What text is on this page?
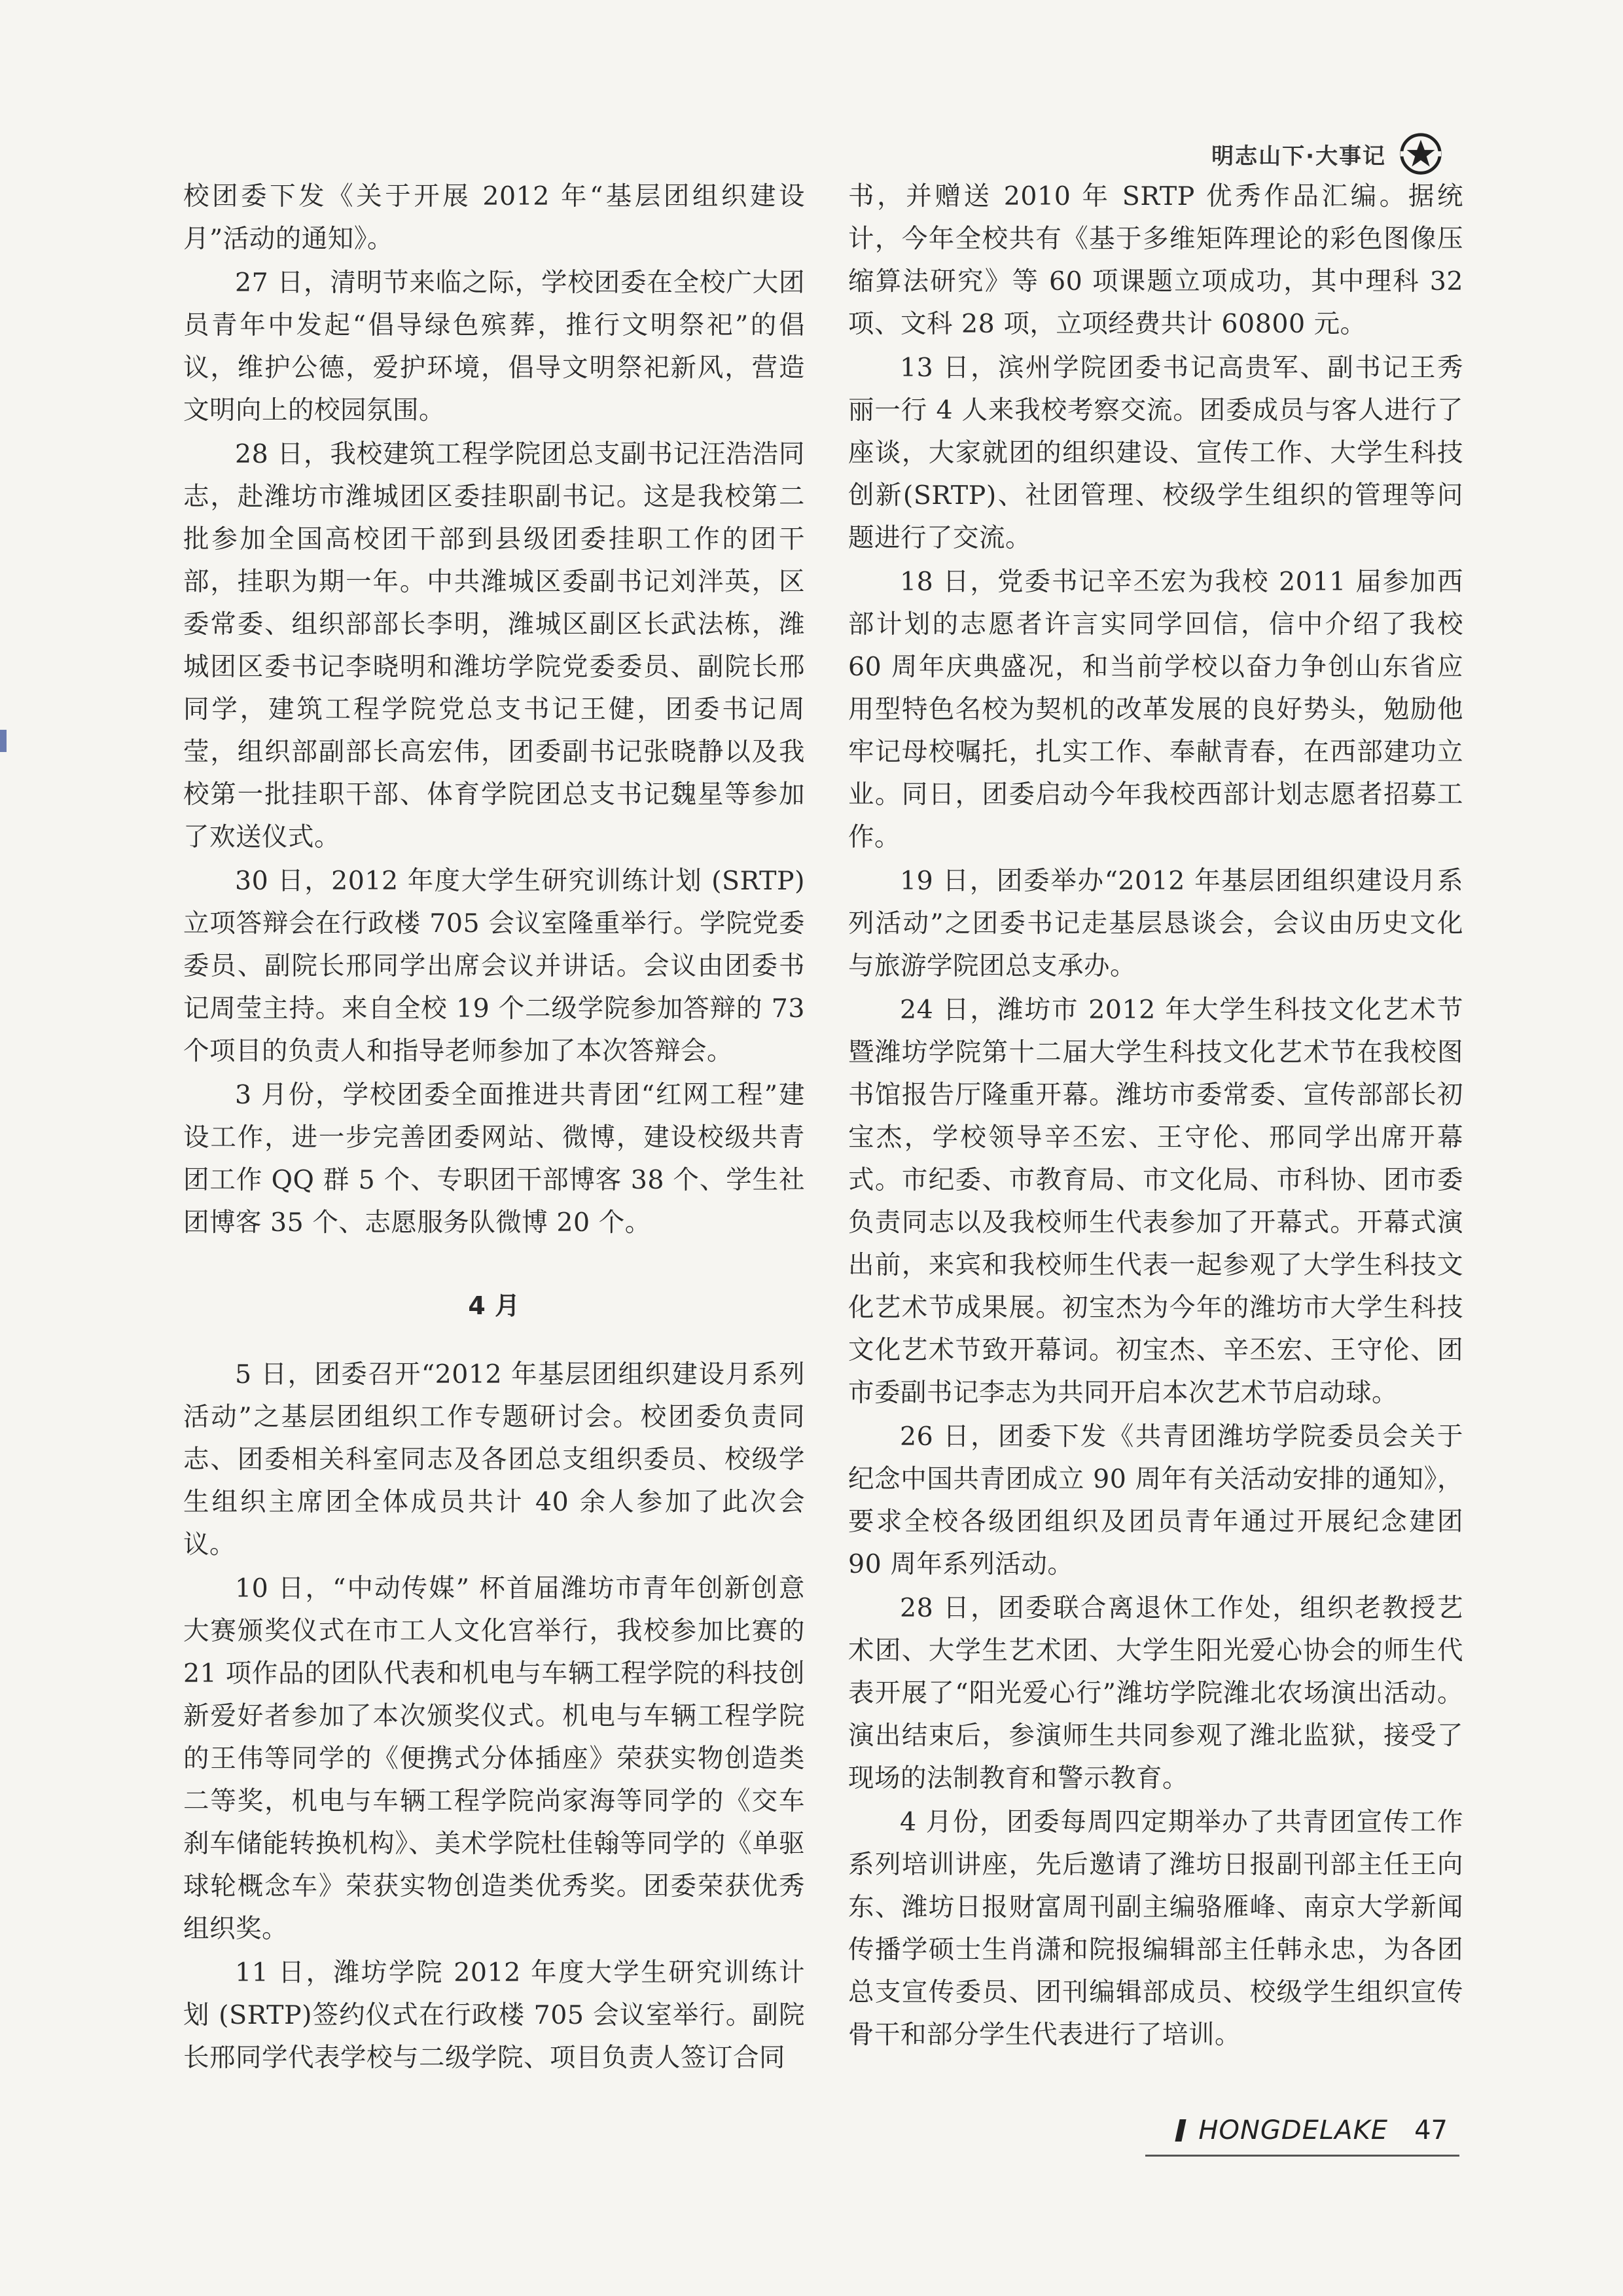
明志山下·大事记

校团委下发《关于开展 2012 年“基层团组织建设月”活动的通知》。

27 日，清明节来临之际，学校团委在全校广大团员青年中发起“倡导绿色殡葬，推行文明祭祀”的倡议，维护公德，爱护环境，倡导文明祭祀新风，营造文明向上的校园氛围。

28 日，我校建筑工程学院团总支副书记汪浩浩同志，赴潍坊市潍城团区委挂职副书记。这是我校第二批参加全国高校团干部到县级团委挂职工作的团干部，挂职为期一年。中共潍城区委副书记刘泮英，区委常委、组织部部长李明，潍城区副区长武法栋，潍城团区委书记李晓明和潍坊学院党委委员、副院长邢同学，建筑工程学院党总支书记王健，团委书记周莹，组织部副部长高宏伟，团委副书记张晓静以及我校第一批挂职干部、体育学院团总支书记魏星等参加了欢送仪式。

30 日，2012 年度大学生研究训练计划 (SRTP)立项答辩会在行政楼 705 会议室隆重举行。学院党委委员、副院长邢同学出席会议并讲话。会议由团委书记周莹主持。来自全校 19 个二级学院参加答辩的 73 个项目的负责人和指导老师参加了本次答辩会。

3 月份，学校团委全面推进共青团“红网工程”建设工作，进一步完善团委网站、微博，建设校级共青团工作 QQ 群 5 个、专职团干部博客 38 个、学生社团博客 35 个、志愿服务队微博 20 个。

4 月

5 日，团委召开“2012 年基层团组织建设月系列活动”之基层团组织工作专题研讨会。校团委负责同志、团委相关科室同志及各团总支组织委员、校级学生组织主席团全体成员共计 40 余人参加了此次会议。

10 日，“中动传媒” 杯首届潍坊市青年创新创意大赛颁奖仪式在市工人文化宫举行，我校参加比赛的 21 项作品的团队代表和机电与车辆工程学院的科技创新爱好者参加了本次颁奖仪式。机电与车辆工程学院的王伟等同学的《便携式分体插座》荣获实物创造类二等奖，机电与车辆工程学院尚家海等同学的《交车刹车储能转换机构》、美术学院杜佳翰等同学的《单驱球轮概念车》荣获实物创造类优秀奖。团委荣获优秀组织奖。

11 日，潍坊学院 2012 年度大学生研究训练计划 (SRTP)签约仪式在行政楼 705 会议室举行。副院长邢同学代表学校与二级学院、项目负责人签订合同

书，并赠送 2010 年 SRTP 优秀作品汇编。据统计，今年全校共有《基于多维矩阵理论的彩色图像压缩算法研究》等 60 项课题立项成功，其中理科 32 项、文科 28 项，立项经费共计 60800 元。

13 日，滨州学院团委书记高贵军、副书记王秀丽一行 4 人来我校考察交流。团委成员与客人进行了座谈，大家就团的组织建设、宣传工作、大学生科技创新(SRTP)、社团管理、校级学生组织的管理等问题进行了交流。

18 日，党委书记辛丕宏为我校 2011 届参加西部计划的志愿者许言实同学回信，信中介绍了我校 60 周年庆典盛况，和当前学校以奋力争创山东省应用型特色名校为契机的改革发展的良好势头，勉励他牢记母校嘱托，扎实工作、奉献青春，在西部建功立业。同日，团委启动今年我校西部计划志愿者招募工作。

19 日，团委举办“2012 年基层团组织建设月系列活动”之团委书记走基层恳谈会，会议由历史文化与旅游学院团总支承办。

24 日，潍坊市 2012 年大学生科技文化艺术节暨潍坊学院第十二届大学生科技文化艺术节在我校图书馆报告厅隆重开幕。潍坊市委常委、宣传部部长初宝杰，学校领导辛丕宏、王守伦、邢同学出席开幕式。市纪委、市教育局、市文化局、市科协、团市委负责同志以及我校师生代表参加了开幕式。开幕式演出前，来宾和我校师生代表一起参观了大学生科技文化艺术节成果展。初宝杰为今年的潍坊市大学生科技文化艺术节致开幕词。初宝杰、辛丕宏、王守伦、团市委副书记李志为共同开启本次艺术节启动球。

26 日，团委下发《共青团潍坊学院委员会关于纪念中国共青团成立 90 周年有关活动安排的通知》，要求全校各级团组织及团员青年通过开展纪念建团 90 周年系列活动。

28 日，团委联合离退休工作处，组织老教授艺术团、大学生艺术团、大学生阳光爱心协会的师生代表开展了“阳光爱心行”潍坊学院潍北农场演出活动。演出结束后，参演师生共同参观了潍北监狱，接受了现场的法制教育和警示教育。

4 月份，团委每周四定期举办了共青团宣传工作系列培训讲座，先后邀请了潍坊日报副刊部主任王向东、潍坊日报财富周刊副主编骆雁峰、南京大学新闻传播学硕士生肖潇和院报编辑部主任韩永忠，为各团总支宣传委员、团刊编辑部成员、校级学生组织宣传骨干和部分学生代表进行了培训。

HONGDELAKE 47
